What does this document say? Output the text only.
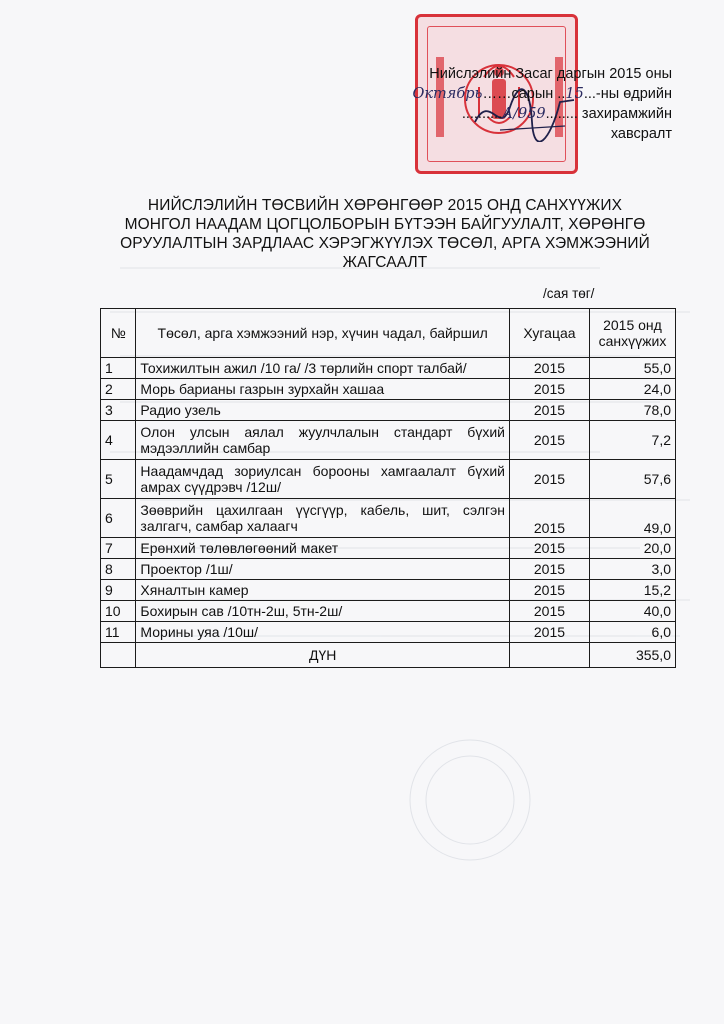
Нийслэлийн Засаг даргын 2015 оны
Октябрь……сарын ..15...-ны өдрийн
..........А/959........ захирамжийн
хавсралт
НИЙСЛЭЛИЙН ТӨСВИЙН ХӨРӨНГӨӨР 2015 ОНД САНХҮҮЖИХ
МОНГОЛ НААДАМ ЦОГЦОЛБОРЫН БҮТЭЭН БАЙГУУЛАЛТ, ХӨРӨНГӨ
ОРУУЛАЛТЫН ЗАРДЛААС ХЭРЭГЖҮҮЛЭХ ТӨСӨЛ, АРГА ХЭМЖЭЭНИЙ
ЖАГСААЛТ
/сая төг/
№	Төсөл, арга хэмжээний нэр, хүчин чадал, байршил	Хугацаа	2015 онд
санхүүжих
1	Тохижилтын ажил /10 га/ /3 төрлийн спорт талбай/	2015	55,0
2	Морь барианы газрын зурхайн хашаа	2015	24,0
3	Радио узель	2015	78,0
4	Олон улсын аялал жуулчлалын стандарт бүхий мэдээллийн самбар	2015	7,2
5	Наадамчдад зориулсан борооны хамгаалалт бүхий амрах сүүдрэвч /12ш/	2015	57,6
6	Зөөврийн цахилгаан үүсгүүр, кабель, шит, сэлгэн залгагч, самбар халаагч	2015	49,0
7	Ерөнхий төлөвлөгөөний макет	2015	20,0
8	Проектор /1ш/	2015	3,0
9	Хяналтын камер	2015	15,2
10	Бохирын сав /10тн-2ш, 5тн-2ш/	2015	40,0
11	Морины уяа /10ш/	2015	6,0
	ДҮН		355,0
